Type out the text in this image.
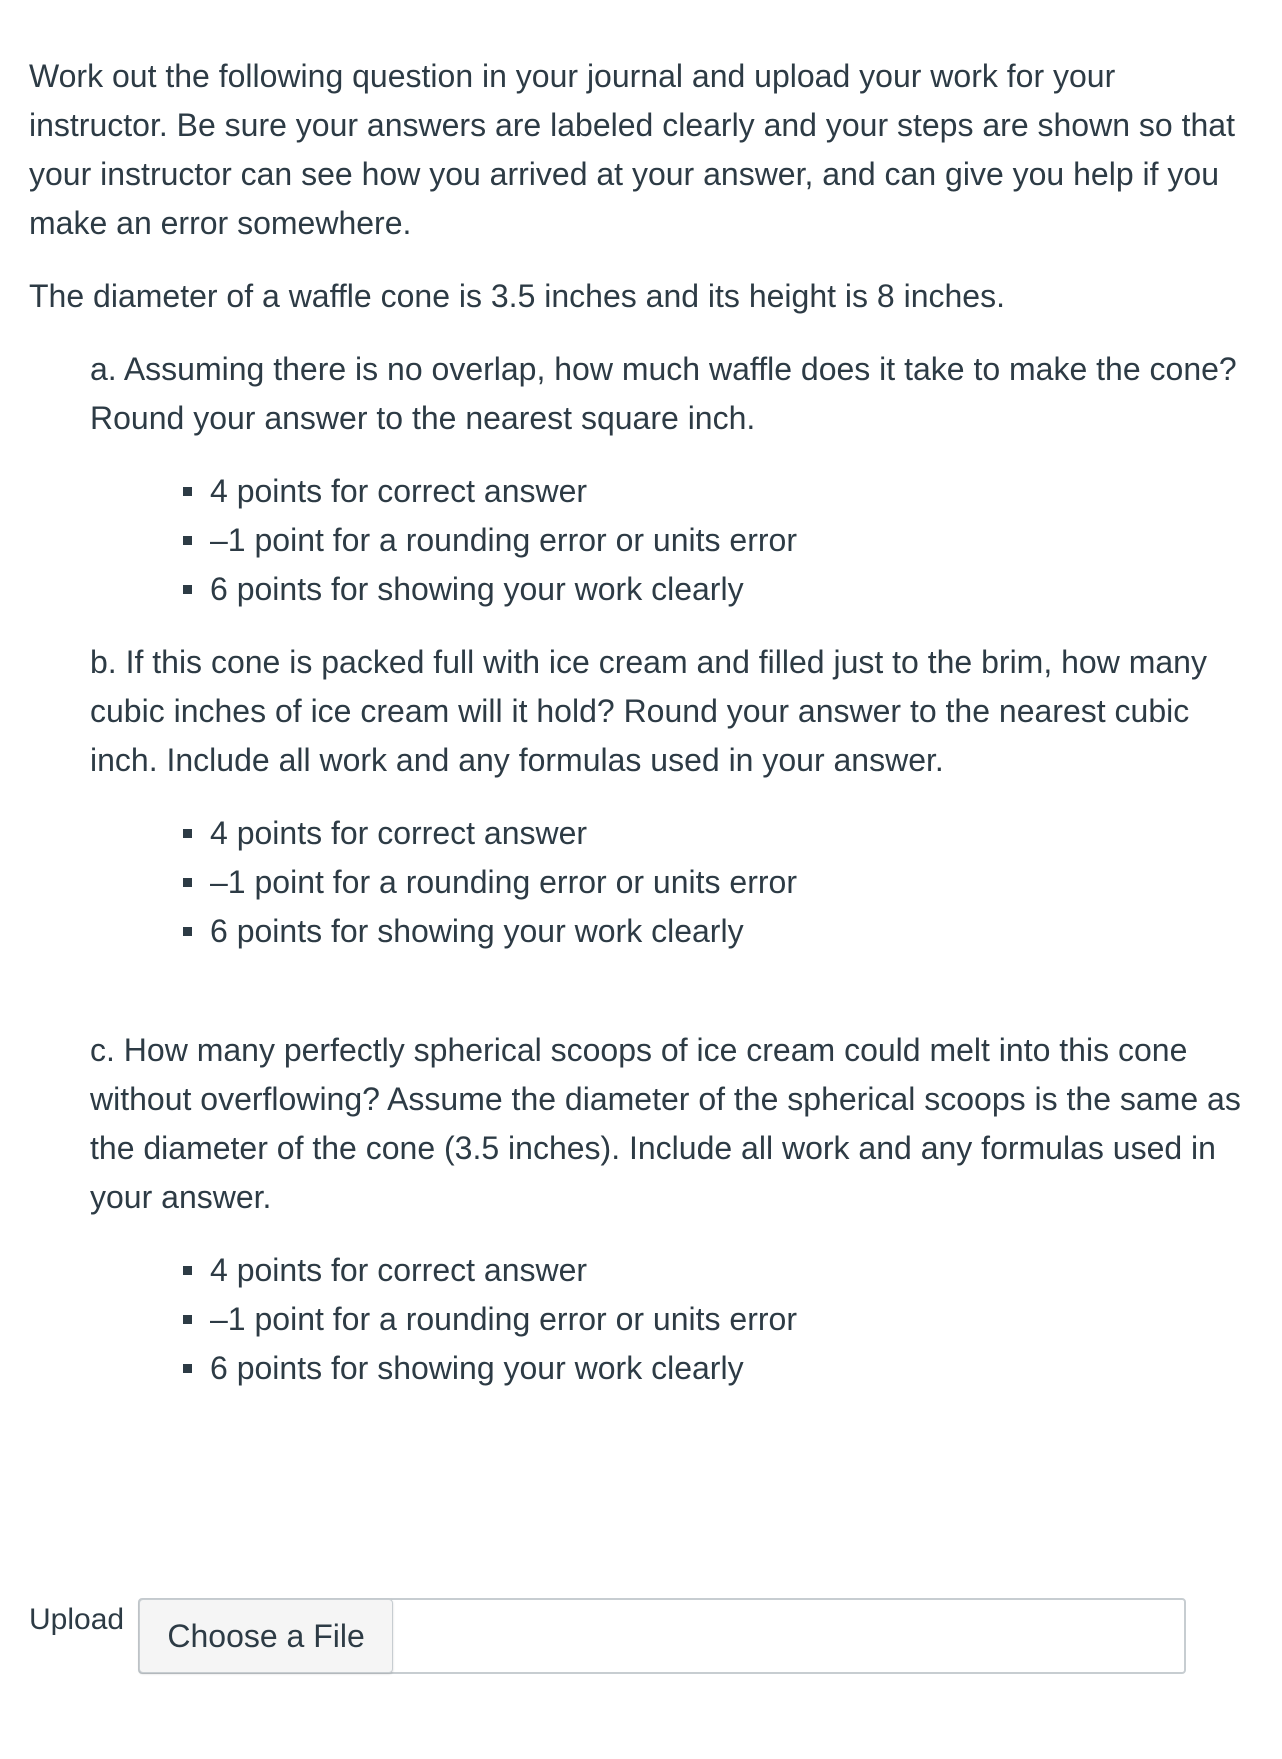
Work out the following question in your journal and upload your work for your instructor. Be sure your answers are labeled clearly and your steps are shown so that your instructor can see how you arrived at your answer, and can give you help if you make an error somewhere.

The diameter of a waffle cone is 3.5 inches and its height is 8 inches.

a. Assuming there is no overlap, how much waffle does it take to make the cone? Round your answer to the nearest square inch.

4 points for correct answer
–1 point for a rounding error or units error
6 points for showing your work clearly

b. If this cone is packed full with ice cream and filled just to the brim, how many cubic inches of ice cream will it hold? Round your answer to the nearest cubic inch. Include all work and any formulas used in your answer.

4 points for correct answer
–1 point for a rounding error or units error
6 points for showing your work clearly

c. How many perfectly spherical scoops of ice cream could melt into this cone without overflowing? Assume the diameter of the spherical scoops is the same as the diameter of the cone (3.5 inches). Include all work and any formulas used in your answer.

4 points for correct answer
–1 point for a rounding error or units error
6 points for showing your work clearly
Upload	Choose a File
